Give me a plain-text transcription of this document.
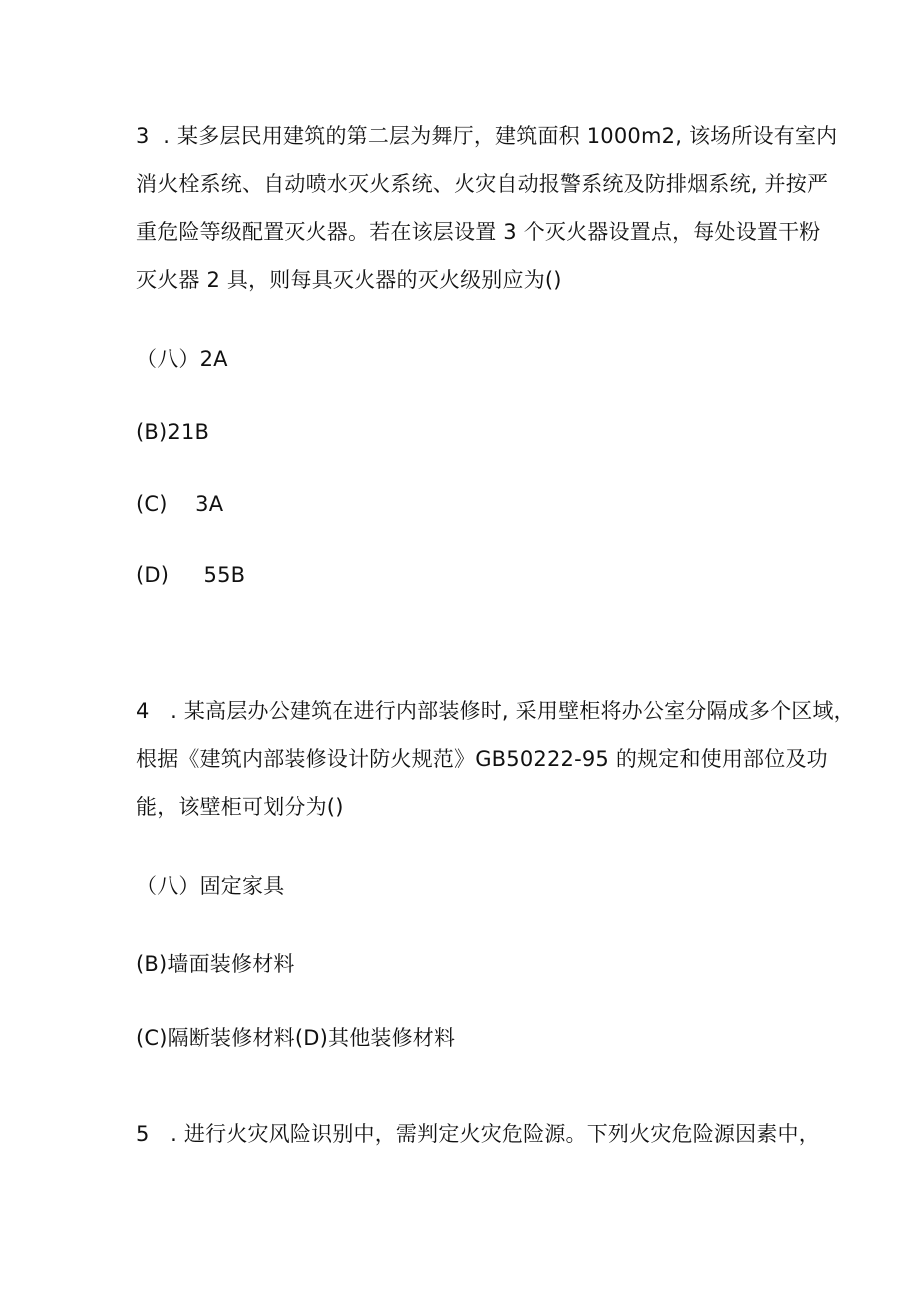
3  . 某多层民用建筑的第二层为舞厅，建筑面积 1000m2, 该场所设有室内
消火栓系统、自动喷水灭火系统、火灾自动报警系统及防排烟系统, 并按严
重危险等级配置灭火器。若在该层设置 3 个灭火器设置点，每处设置干粉
灭火器 2 具，则每具灭火器的灭火级别应为()
（八）2A
(B)21B
(C)    3A
(D)     55B
4   . 某高层办公建筑在进行内部装修时, 采用壁柜将办公室分隔成多个区域，
根据《建筑内部装修设计防火规范》GB50222-95 的规定和使用部位及功
能，该壁柜可划分为()
（八）固定家具
(B)墙面装修材料
(C)隔断装修材料(D)其他装修材料
5   . 进行火灾风险识别中，需判定火灾危险源。下列火灾危险源因素中，
